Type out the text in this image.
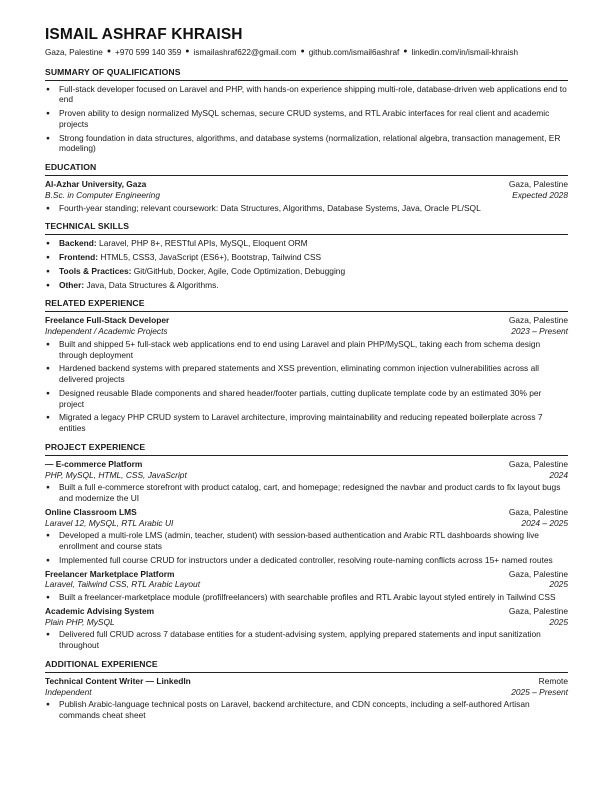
ISMAIL ASHRAF KHRAISH
Gaza, Palestine ● +970 599 140 359 ● ismailashraf622@gmail.com ● github.com/ismail6ashraf ● linkedin.com/in/ismail-khraish
SUMMARY OF QUALIFICATIONS
● Full-stack developer focused on Laravel and PHP, with hands-on experience shipping multi-role, database-driven web applications end to end
● Proven ability to design normalized MySQL schemas, secure CRUD systems, and RTL Arabic interfaces for real client and academic projects
● Strong foundation in data structures, algorithms, and database systems (normalization, relational algebra, transaction management, ER modeling)
EDUCATION
Al-Azhar University, Gaza	Gaza, Palestine
B.Sc. in Computer Engineering	Expected 2028
● Fourth-year standing; relevant coursework: Data Structures, Algorithms, Database Systems, Java, Oracle PL/SQL
TECHNICAL SKILLS
● Backend: Laravel, PHP 8+, RESTful APIs, MySQL, Eloquent ORM
● Frontend: HTML5, CSS3, JavaScript (ES6+), Bootstrap, Tailwind CSS
● Tools & Practices: Git/GitHub, Docker, Agile, Code Optimization, Debugging
● Other: Java, Data Structures & Algorithms.
RELATED EXPERIENCE
Freelance Full-Stack Developer	Gaza, Palestine
Independent / Academic Projects	2023 – Present
● Built and shipped 5+ full-stack web applications end to end using Laravel and plain PHP/MySQL, taking each from schema design through deployment
● Hardened backend systems with prepared statements and XSS prevention, eliminating common injection vulnerabilities across all delivered projects
● Designed reusable Blade components and shared header/footer partials, cutting duplicate template code by an estimated 30% per project
● Migrated a legacy PHP CRUD system to Laravel architecture, improving maintainability and reducing repeated boilerplate across 7 entities
PROJECT EXPERIENCE
— E-commerce Platform	Gaza, Palestine
PHP, MySQL, HTML, CSS, JavaScript	2024
● Built a full e-commerce storefront with product catalog, cart, and homepage; redesigned the navbar and product cards to fix layout bugs and modernize the UI
Online Classroom LMS	Gaza, Palestine
Laravel 12, MySQL, RTL Arabic UI	2024 – 2025
● Developed a multi-role LMS (admin, teacher, student) with session-based authentication and Arabic RTL dashboards showing live enrollment and course stats
● Implemented full course CRUD for instructors under a dedicated controller, resolving route-naming conflicts across 15+ named routes
Freelancer Marketplace Platform	Gaza, Palestine
Laravel, Tailwind CSS, RTL Arabic Layout	2025
● Built a freelancer-marketplace module (profilfreelancers) with searchable profiles and RTL Arabic layout styled entirely in Tailwind CSS
Academic Advising System	Gaza, Palestine
Plain PHP, MySQL	2025
● Delivered full CRUD across 7 database entities for a student-advising system, applying prepared statements and input sanitization throughout
ADDITIONAL EXPERIENCE
Technical Content Writer — LinkedIn	Remote
Independent	2025 – Present
● Publish Arabic-language technical posts on Laravel, backend architecture, and CDN concepts, including a self-authored Artisan commands cheat sheet
